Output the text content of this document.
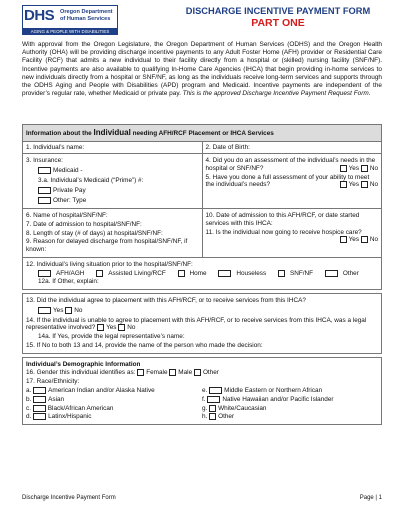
DHS Oregon Department
of Human Services
AGING & PEOPLE WITH DISABILITIES
DISCHARGE INCENTIVE PAYMENT FORM
PART ONE
With approval from the Oregon Legislature, the Oregon Department of Human Services (ODHS) and the Oregon Health Authority (OHA) will be providing discharge incentive payments to any Adult Foster Home (AFH) provider or Residential Care Facility (RCF) that admits a new individual to their facility directly from a hospital or (skilled) nursing facility (SNF/NF). Incentive payments are also available to qualifying In-Home Care Agencies (IHCA) that begin providing in-home services to new individuals directly from a hospital or SNF/NF, as long as the individuals receive long-term services and supports through the ODHS Aging and People with Disabilities (APD) program and Medicaid. Incentive payments are independent of the provider’s regular rate, whether Medicaid or private pay. This is the approved Discharge Incentive Payment Request Form.
Information about the Individual needing AFH/RCF Placement or IHCA Services
1. Individual’s name:	2. Date of Birth:
3. Insurance:
Medicaid -
3.a. Individual’s Medicaid (“Prime”) #:
Private Pay
Other: Type
4. Did you do an assessment of the individual’s needs in the hospital or SNF/NF?	Yes No
5. Have you done a full assessment of your ability to meet the individual’s needs?	Yes No
6. Name of hospital/SNF/NF:
7. Date of admission to hospital/SNF/NF:
8. Length of stay (# of days) at hospital/SNF/NF:
9. Reason for delayed discharge from hospital/SNF/NF, if known:
10. Date of admission to this AFH/RCF, or date started services with this IHCA:
11. Is the individual now going to receive hospice care?
Yes No
12. Individual’s living situation prior to the hospital/SNF/NF:
AFH/AGH	Assisted Living/RCF	Home	Houseless	SNF/NF	Other
12a. If Other, explain:
13. Did the individual agree to placement with this AFH/RCF, or to receive services from this IHCA?
Yes No
14. If the individual is unable to agree to placement with this AFH/RCF, or to receive services from this IHCA, was a legal representative involved? Yes No
14a. If Yes, provide the legal representative’s name:
15. If No to both 13 and 14, provide the name of the person who made the decision:
Individual’s Demographic Information
16. Gender this individual identifies as: Female Male Other
17. Race/Ethnicity:
a.	American Indian and/or Alaska Native	e.	Middle Eastern or Northern African
b.	Asian	f.	Native Hawaiian and/or Pacific Islander
c.	Black/African American	g. White/Caucasian
d.	Latinx/Hispanic	h. Other
Discharge Incentive Payment Form	Page | 1
